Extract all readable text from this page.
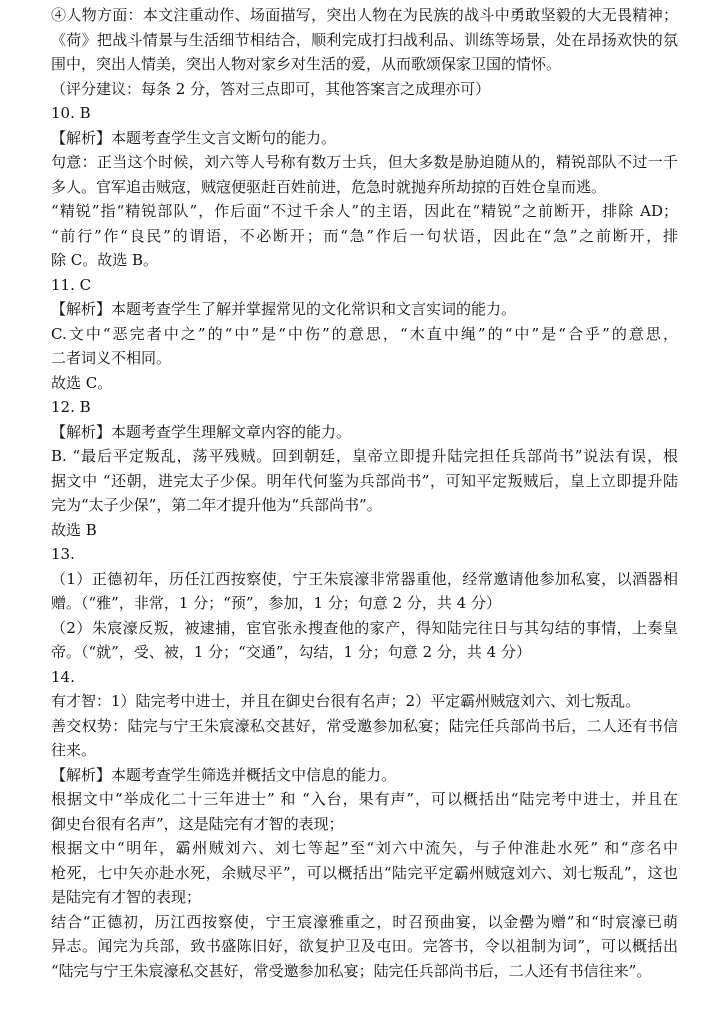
④人物方面：本文注重动作、场面描写，突出人物在为民族的战斗中勇敢坚毅的大无畏精神；
《荷》把战斗情景与生活细节相结合，顺利完成打扫战利品、训练等场景，处在昂扬欢快的氛
围中，突出人情美，突出人物对家乡对生活的爱，从而歌颂保家卫国的情怀。
（评分建议：每条 2 分，答对三点即可，其他答案言之成理亦可）
10. B
【解析】本题考查学生文言文断句的能力。
句意：正当这个时候，刘六等人号称有数万士兵，但大多数是胁迫随从的，精锐部队不过一千
多人。官军追击贼寇，贼寇便驱赶百姓前进，危急时就抛弃所劫掠的百姓仓皇而逃。
“精锐”指“精锐部队”，作后面“不过千余人”的主语，因此在“精锐”之前断开，排除 AD；
“前行”作“良民”的谓语，不必断开；而“急”作后一句状语，因此在“急”之前断开，排
除 C。故选 B。
11. C
【解析】本题考查学生了解并掌握常见的文化常识和文言实词的能力。
C.文中“恶完者中之”的“中”是“中伤”的意思，“木直中绳”的“中”是“合乎”的意思，
二者词义不相同。
故选 C。
12. B
【解析】本题考查学生理解文章内容的能力。
B. “最后平定叛乱，荡平残贼。回到朝廷，皇帝立即提升陆完担任兵部尚书”说法有误，根
据文中 “还朝，进完太子少保。明年代何鉴为兵部尚书”，可知平定叛贼后，皇上立即提升陆
完为“太子少保”，第二年才提升他为“兵部尚书”。
故选 B
13.
（1）正德初年，历任江西按察使，宁王朱宸濠非常器重他，经常邀请他参加私宴，以酒器相
赠。（“雅”，非常，1 分；“预”，参加，1 分；句意 2 分，共 4 分）
（2）朱宸濠反叛，被逮捕，宦官张永搜查他的家产，得知陆完往日与其勾结的事情，上奏皇
帝。（“就”，受、被，1 分；“交通”，勾结，1 分；句意 2 分，共 4 分）
14.
有才智：1）陆完考中进士，并且在御史台很有名声；2）平定霸州贼寇刘六、刘七叛乱。
善交权势：陆完与宁王朱宸濠私交甚好，常受邀参加私宴；陆完任兵部尚书后，二人还有书信
往来。
【解析】本题考查学生筛选并概括文中信息的能力。
根据文中“举成化二十三年进士” 和 “入台，果有声”，可以概括出“陆完考中进士，并且在
御史台很有名声”，这是陆完有才智的表现；
根据文中“明年，霸州贼刘六、刘七等起”至“刘六中流矢，与子仲淮赴水死” 和“彦名中
枪死，七中矢亦赴水死，余贼尽平”，可以概括出“陆完平定霸州贼寇刘六、刘七叛乱”，这也
是陆完有才智的表现；
结合“正德初，历江西按察使，宁王宸濠雅重之，时召预曲宴，以金罍为赠”和“时宸濠已萌
异志。闻完为兵部，致书盛陈旧好，欲复护卫及屯田。完答书，令以祖制为词”，可以概括出
“陆完与宁王朱宸濠私交甚好，常受邀参加私宴；陆完任兵部尚书后，二人还有书信往来”。
